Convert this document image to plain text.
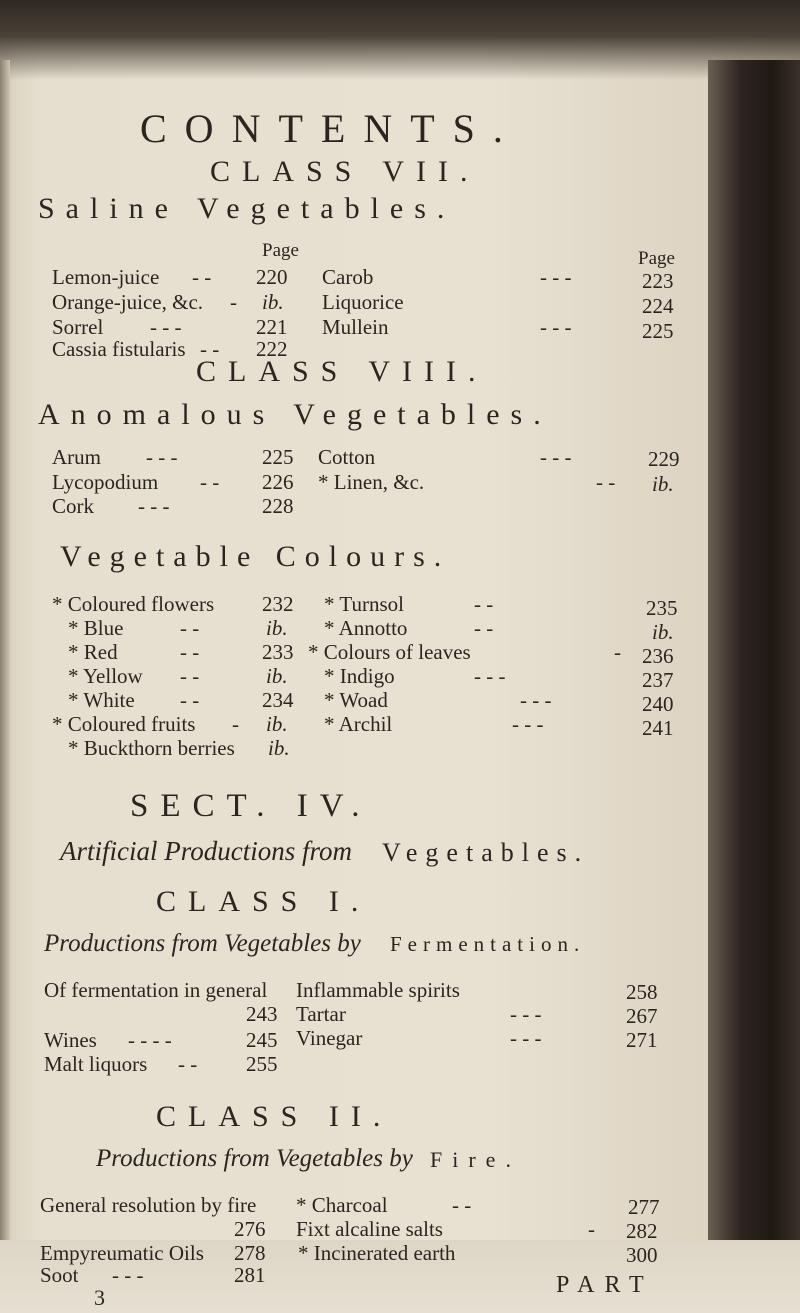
CONTENTS.
CLASS VII.
Saline Vegetables.
Page	Page
Lemon-juice - - 220
Orange-juice, &c. - ib.
Sorrel - - -	221
Cassia fistularis - - 222
Carob	- - -	223
Liquorice	224
Mullein	- - -	225
CLASS VIII.
Anomalous Vegetables.
Arum - - -	225
Lycopodium - - 226
Cork - - -	228
Cotton	- - -	229
* Linen, &c.	- - ib.
Vegetable Colours.
* Coloured flowers 232
* Blue	- -	ib.
* Red	- -	233
* Yellow - -	ib.
* White - -	234
* Coloured fruits - ib.
* Buckthorn berries ib.
* Turnsol	- -	235
* Annotto	- -	ib.
* Colours of leaves	- 236
* Indigo	- - -	237
* Woad	- - -	240
* Archil	- - -	241
SECT. IV.
Artificial Productions from Vegetables.
CLASS I.
Productions from Vegetables by Fermentation.
Of fermentation in general
243
Wines - - - -	245
Malt liquors - - 255
Inflammable spirits	258
Tartar	- - -	267
Vinegar	- - -	271
CLASS II.
Productions from Vegetables by Fire.
General resolution by fire
276
Empyreumatic Oils 278
Soot - - -	281
* Charcoal	- -	277
Fixt alcaline salts	- 282
* Incinerated earth	300
3	PART
